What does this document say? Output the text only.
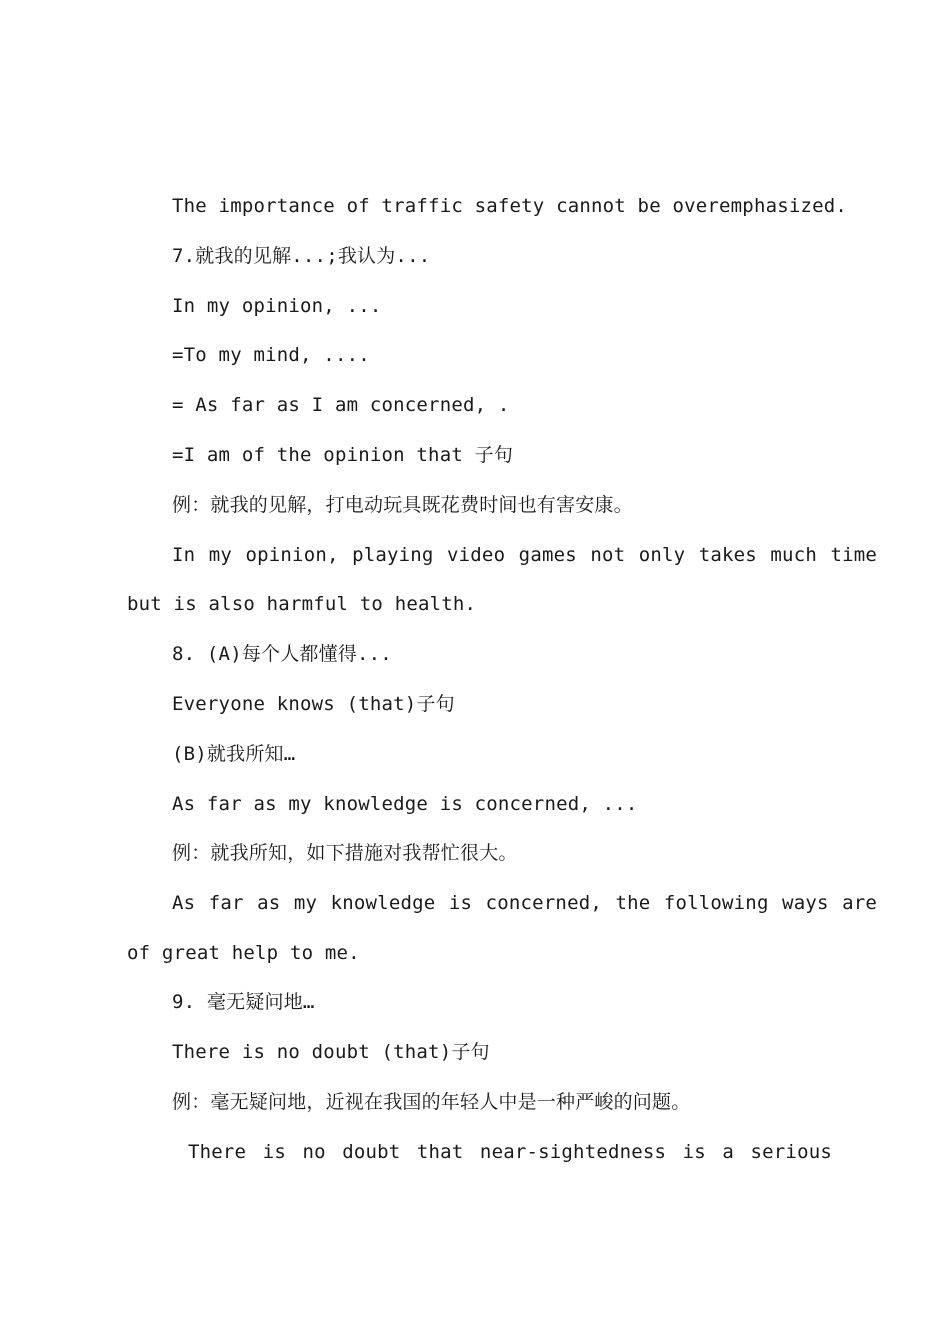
The importance of traffic safety cannot be overemphasized.
7.就我的见解...;我认为...
In my opinion, ...
=To my mind, ....
= As far as I am concerned, .
=I am of the opinion that 子句
例：就我的见解，打电动玩具既花费时间也有害安康。
In my opinion, playing video games not only takes much time
but is also harmful to health.
8. (A)每个人都懂得...
Everyone knows (that)子句
(B)就我所知…
As far as my knowledge is concerned, ...
例：就我所知，如下措施对我帮忙很大。
As far as my knowledge is concerned, the following ways are
of great help to me.
9. 毫无疑问地…
There is no doubt (that)子句
例：毫无疑问地，近视在我国的年轻人中是一种严峻的问题。
There is no doubt that near-sightedness is a serious
